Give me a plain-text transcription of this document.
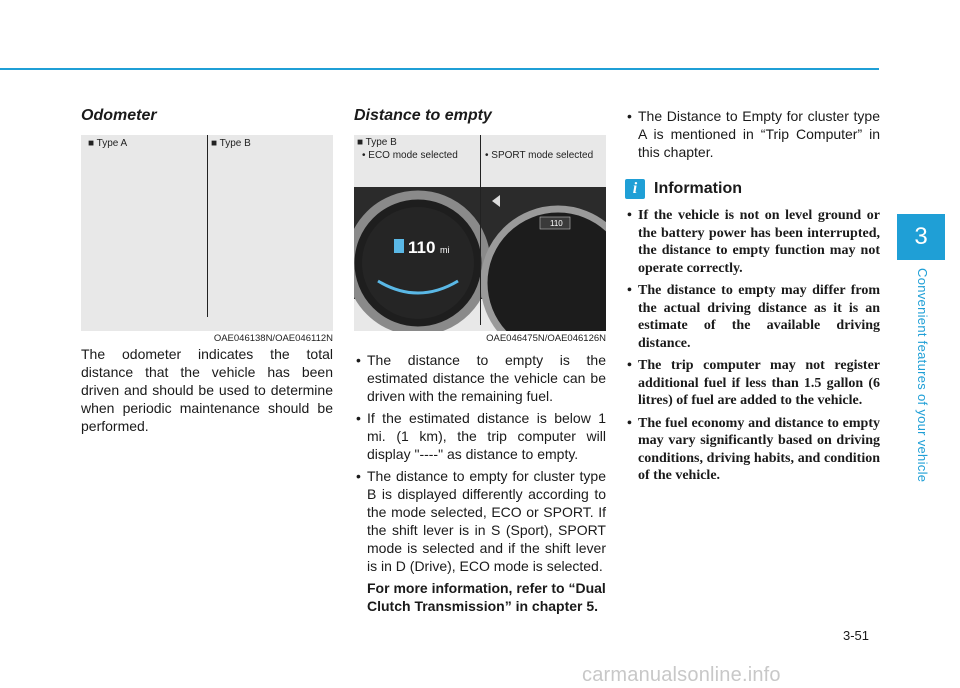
3
Convenient features of your vehicle
Odometer
■ Type A	■ Type B
OAE046138N/OAE046112N

The odometer indicates the total distance that the vehicle has been driven and should be used to determine when periodic maintenance should be performed.

Distance to empty
110 mi
110
■ Type B
• ECO mode selected	• SPORT mode selected
OAE046475N/OAE046126N
• The distance to empty is the estimated distance the vehicle can be driven with the remaining fuel.
• If the estimated distance is below 1 mi. (1 km), the trip computer will display "----" as distance to empty.
• The distance to empty for cluster type B is displayed differently according to the mode selected, ECO or SPORT. If the shift lever is in S (Sport), SPORT mode is selected and if the shift lever is in D (Drive), ECO mode is selected.
For more information, refer to “Dual Clutch Transmission” in chapter 5.
• The Distance to Empty for cluster type A is mentioned in “Trip Computer” in this chapter.
i	Information
• If the vehicle is not on level ground or the battery power has been interrupted, the distance to empty function may not operate correctly.
• The distance to empty may differ from the actual driving distance as it is an estimate of the available driving distance.
• The trip computer may not register additional fuel if less than 1.5 gallon (6 litres) of fuel are added to the vehicle.
• The fuel economy and distance to empty may vary significantly based on driving conditions, driving habits, and condition of the vehicle.
3-51
carmanualsonline.info
